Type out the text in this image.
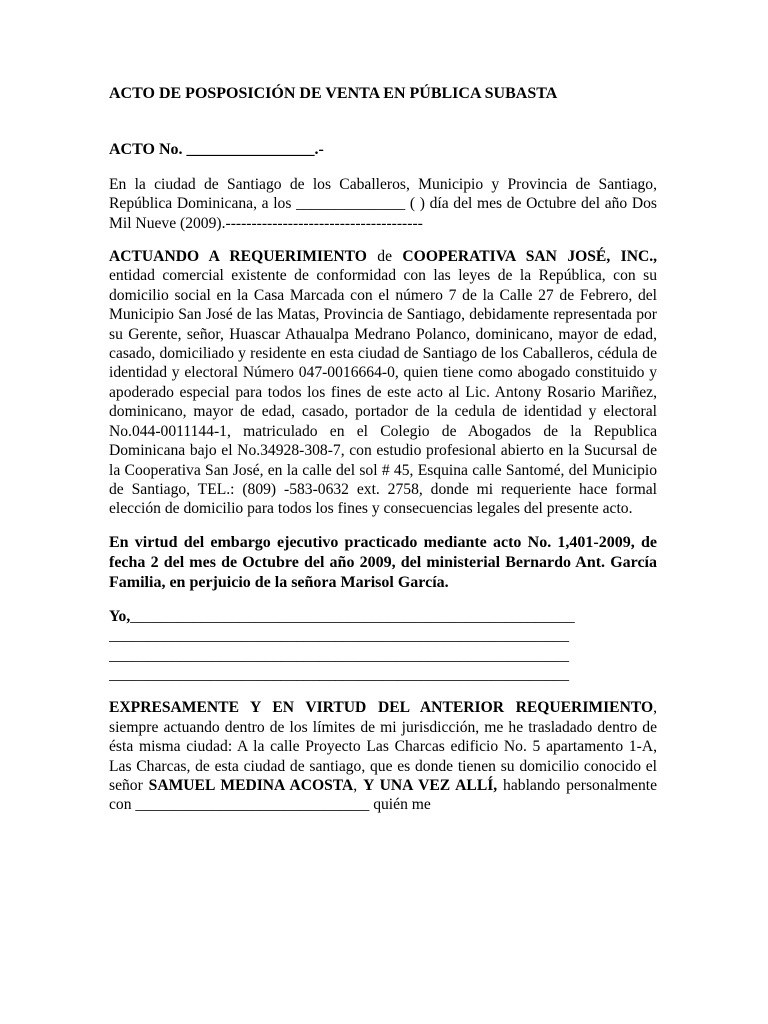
ACTO DE POSPOSICIÓN DE VENTA EN PÚBLICA SUBASTA
ACTO No. ________________.-

En la ciudad de Santiago de los Caballeros, Municipio y Provincia de Santiago, República Dominicana, a los ______________ ( ) día del mes de Octubre del año Dos Mil Nueve (2009).--------------------------------------

ACTUANDO A REQUERIMIENTO de COOPERATIVA SAN JOSÉ, INC., entidad comercial existente de conformidad con las leyes de la República, con su domicilio social en la Casa Marcada con el número 7 de la Calle 27 de Febrero, del Municipio San José de las Matas, Provincia de Santiago, debidamente representada por su Gerente, señor, Huascar Athaualpa Medrano Polanco, dominicano, mayor de edad, casado, domiciliado y residente en esta ciudad de Santiago de los Caballeros, cédula de identidad y electoral Número 047-0016664-0, quien tiene como abogado constituido y apoderado especial para todos los fines de este acto al Lic. Antony Rosario Mariñez, dominicano, mayor de edad, casado, portador de la cedula de identidad y electoral No.044-0011144-1, matriculado en el Colegio de Abogados de la Republica Dominicana bajo el No.34928-308-7, con estudio profesional abierto en la Sucursal de la Cooperativa San José, en la calle del sol # 45, Esquina calle Santomé, del Municipio de Santiago, TEL.: (809) -583-0632 ext. 2758, donde mi requeriente hace formal elección de domicilio para todos los fines y consecuencias legales del presente acto.

En virtud del embargo ejecutivo practicado mediante acto No. 1,401-2009, de fecha 2 del mes de Octubre del año 2009, del ministerial Bernardo Ant. García Familia, en perjuicio de la señora Marisol García.

Yo,_________________________________________________________
___________________________________________________________
___________________________________________________________
___________________________________________________________

EXPRESAMENTE Y EN VIRTUD DEL ANTERIOR REQUERIMIENTO, siempre actuando dentro de los límites de mi jurisdicción, me he trasladado dentro de ésta misma ciudad: A la calle Proyecto Las Charcas edificio No. 5 apartamento 1-A, Las Charcas, de esta ciudad de santiago, que es donde tienen su domicilio conocido el señor SAMUEL MEDINA ACOSTA, Y UNA VEZ ALLÍ, hablando personalmente con ______________________________ quién me
